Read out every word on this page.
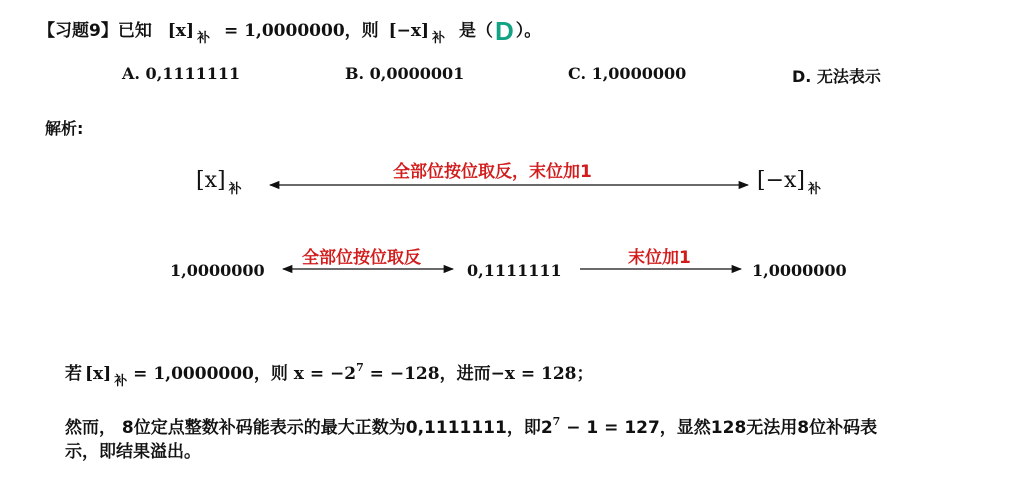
【习题9】已知 [x] $_补$ = 1,0000000，则 [−x] $_补$ 是（D ）。
A. 0,1111111	B. 0,0000001	C. 1,0000000	D. 无法表示
解析:
[x] $_补$
全部位按位取反，末位加1	[−x] $_补$
1,0000000
全部位按位取反
0,1111111
末位加1
1,0000000
若 [x] $_补$ = 1,0000000，则 $x = -2^7 = -128$，进而−x = 128；
然而， 8位定点整数补码能表示的最大正数为0,1111111，即$2^7 - 1 = 127$，显然128无法用8位补码表
示，即结果溢出。
